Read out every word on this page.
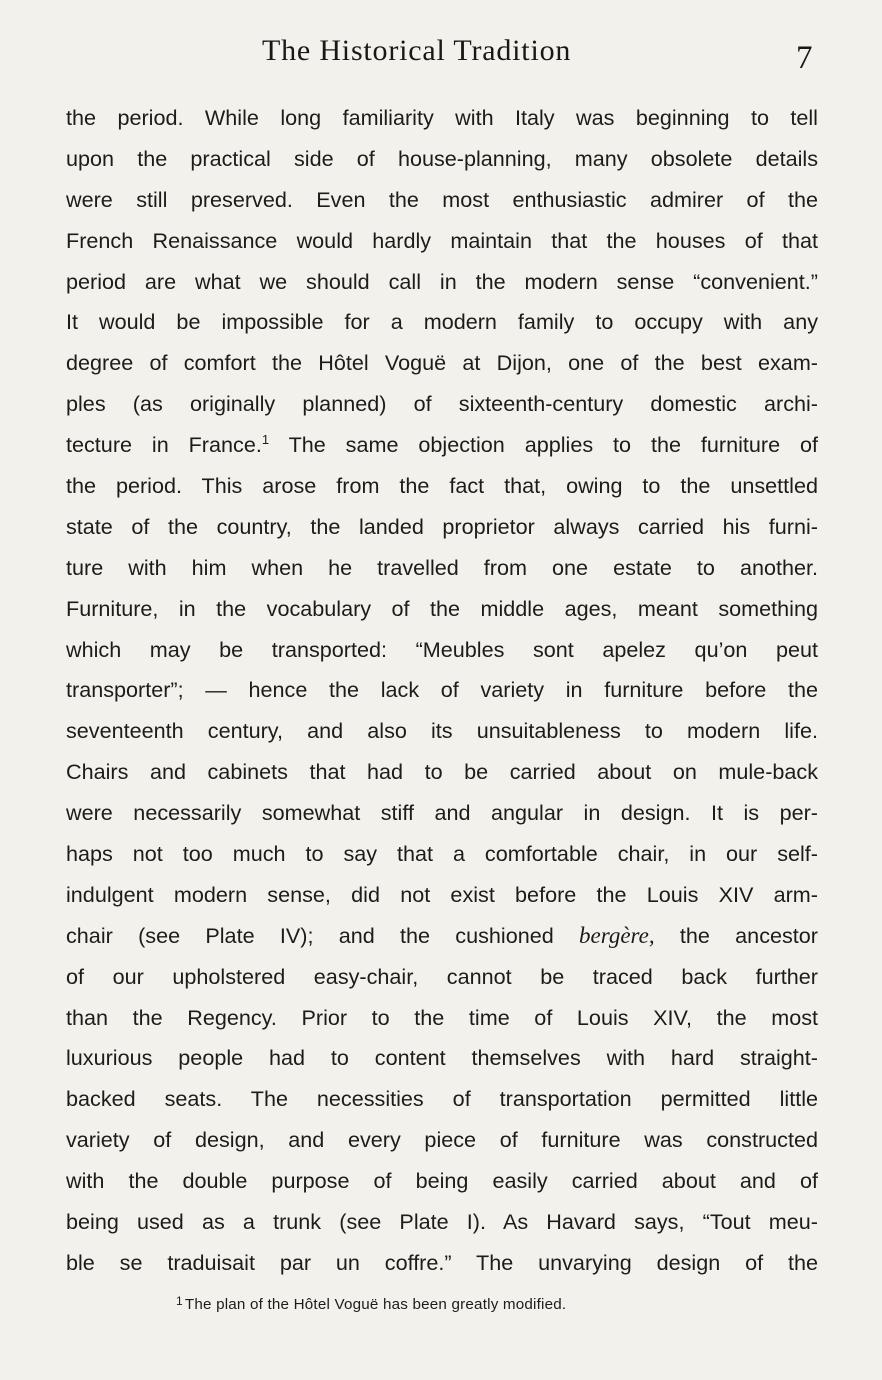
The Historical Tradition	7
the period. While long familiarity with Italy was beginning to tell
upon the practical side of house-planning, many obsolete details
were still preserved. Even the most enthusiastic admirer of the
French Renaissance would hardly maintain that the houses of that
period are what we should call in the modern sense “convenient.”
It would be impossible for a modern family to occupy with any
degree of comfort the Hôtel Voguë at Dijon, one of the best exam-
ples (as originally planned) of sixteenth-century domestic archi-
tecture in France.$^1$ The same objection applies to the furniture of
the period. This arose from the fact that, owing to the unsettled
state of the country, the landed proprietor always carried his furni-
ture with him when he travelled from one estate to another.
Furniture, in the vocabulary of the middle ages, meant something
which may be transported: “Meubles sont apelez qu’on peut
transporter”; — hence the lack of variety in furniture before the
seventeenth century, and also its unsuitableness to modern life.
Chairs and cabinets that had to be carried about on mule-back
were necessarily somewhat stiff and angular in design. It is per-
haps not too much to say that a comfortable chair, in our self-
indulgent modern sense, did not exist before the Louis XIV arm-
chair (see Plate IV); and the cushioned bergère, the ancestor
of our upholstered easy-chair, cannot be traced back further
than the Regency. Prior to the time of Louis XIV, the most
luxurious people had to content themselves with hard straight-
backed seats. The necessities of transportation permitted little
variety of design, and every piece of furniture was constructed
with the double purpose of being easily carried about and of
being used as a trunk (see Plate I). As Havard says, “Tout meu-
ble se traduisait par un coffre.” The unvarying design of the
$^1$ The plan of the Hôtel Voguë has been greatly modified.
